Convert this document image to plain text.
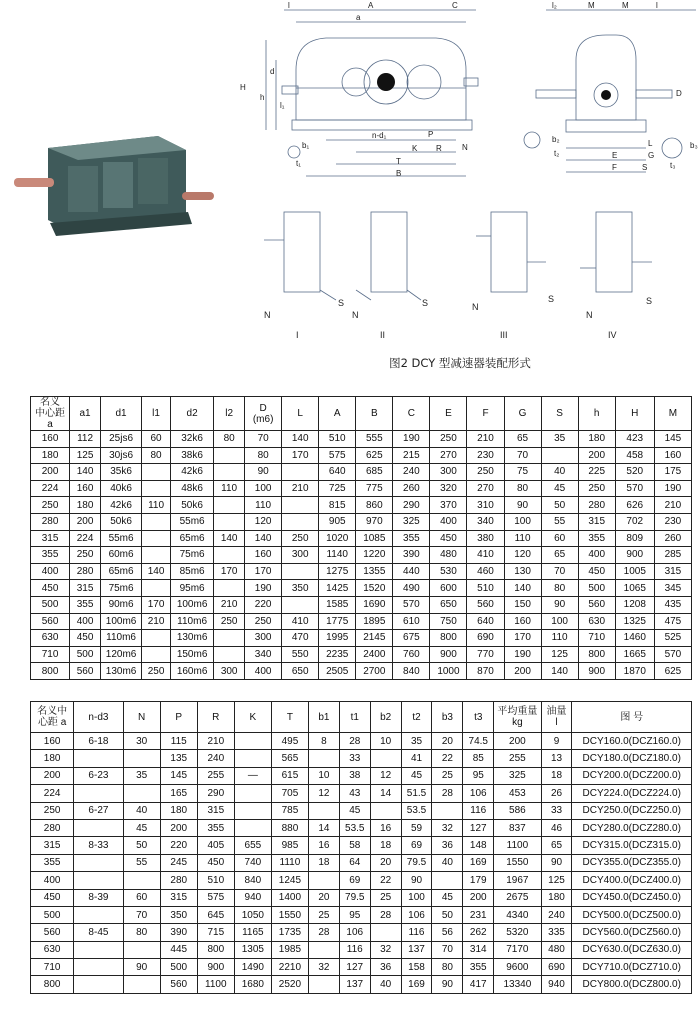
l	A
a
C
H
h
d
l₁
b₁
t₁
n-d₁	P
K R
T
B
N
l₂	M	M	l
D
b₂
t₂
t₃
b₃
L
E	G
F	S
I	II	III	IV
N
S
N
S	N
S
N
S
图2 DCY 型减速器装配形式
名义
中心距 a	a1	d1	l1	d2	l2	D
(m6)	L	A	B	C	E	F	G	S	h	H	M
160	112	25js6	60	32k6	80	70	140	510	555	190	250	210	65	35	180	423	145
180	125	30js6	80	38k6		80	170	575	625	215	270	230	70		200	458	160
200	140	35k6		42k6		90		640	685	240	300	250	75	40	225	520	175
224	160	40k6		48k6	110	100	210	725	775	260	320	270	80	45	250	570	190
250	180	42k6	110	50k6		110		815	860	290	370	310	90	50	280	626	210
280	200	50k6		55m6		120		905	970	325	400	340	100	55	315	702	230
315	224	55m6		65m6	140	140	250	1020	1085	355	450	380	110	60	355	809	260
355	250	60m6		75m6		160	300	1140	1220	390	480	410	120	65	400	900	285
400	280	65m6	140	85m6	170	170		1275	1355	440	530	460	130	70	450	1005	315
450	315	75m6		95m6		190	350	1425	1520	490	600	510	140	80	500	1065	345
500	355	90m6	170	100m6	210	220		1585	1690	570	650	560	150	90	560	1208	435
560	400	100m6	210	110m6	250	250	410	1775	1895	610	750	640	160	100	630	1325	475
630	450	110m6		130m6		300	470	1995	2145	675	800	690	170	110	710	1460	525
710	500	120m6		150m6		340	550	2235	2400	760	900	770	190	125	800	1665	570
800	560	130m6	250	160m6	300	400	650	2505	2700	840	1000	870	200	140	900	1870	625
名义中
心距 a	n-d3	N	P	R	K	T	b1	t1	b2	t2	b3	t3	平均重量
kg	油量
l	图 号
160	6-18	30	115	210		495	8	28	10	35	20	74.5	200	9	DCY160.0(DCZ160.0)
180			135	240		565		33		41	22	85	255	13	DCY180.0(DCZ180.0)
200	6-23	35	145	255	—	615	10	38	12	45	25	95	325	18	DCY200.0(DCZ200.0)
224			165	290		705	12	43	14	51.5	28	106	453	26	DCY224.0(DCZ224.0)
250	6-27	40	180	315		785		45		53.5		116	586	33	DCY250.0(DCZ250.0)
280		45	200	355		880	14	53.5	16	59	32	127	837	46	DCY280.0(DCZ280.0)
315	8-33	50	220	405	655	985	16	58	18	69	36	148	1100	65	DCY315.0(DCZ315.0)
355		55	245	450	740	1110	18	64	20	79.5	40	169	1550	90	DCY355.0(DCZ355.0)
400			280	510	840	1245		69	22	90		179	1967	125	DCY400.0(DCZ400.0)
450	8-39	60	315	575	940	1400	20	79.5	25	100	45	200	2675	180	DCY450.0(DCZ450.0)
500		70	350	645	1050	1550	25	95	28	106	50	231	4340	240	DCY500.0(DCZ500.0)
560	8-45	80	390	715	1165	1735	28	106		116	56	262	5320	335	DCY560.0(DCZ560.0)
630			445	800	1305	1985		116	32	137	70	314	7170	480	DCY630.0(DCZ630.0)
710		90	500	900	1490	2210	32	127	36	158	80	355	9600	690	DCY710.0(DCZ710.0)
800			560	1100	1680	2520		137	40	169	90	417	13340	940	DCY800.0(DCZ800.0)
